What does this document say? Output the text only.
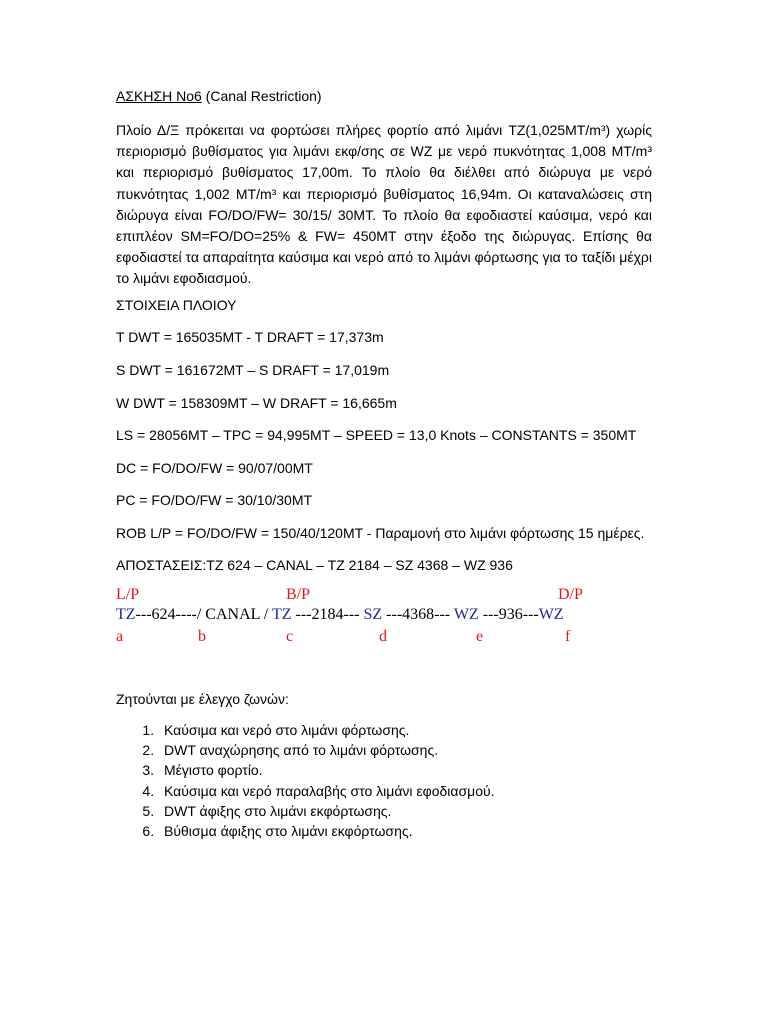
ΑΣΚΗΣΗ Νο6 (Canal Restriction)
Πλοίο Δ/Ξ πρόκειται να φορτώσει πλήρες φορτίο από λιμάνι TZ(1,025MT/m³) χωρίς περιορισμό βυθίσματος για λιμάνι εκφ/σης σε WZ με νερό πυκνότητας 1,008 MT/m³ και περιορισμό βυθίσματος 17,00m. Το πλοίο θα διέλθει από διώρυγα με νερό πυκνότητας 1,002 MT/m³ και περιορισμό βυθίσματος 16,94m. Οι καταναλώσεις στη διώρυγα είναι FO/DO/FW= 30/15/ 30MT. Το πλοίο θα εφοδιαστεί καύσιμα, νερό και επιπλέον SM=FO/DO=25% & FW= 450MT στην έξοδο της διώρυγας. Επίσης θα εφοδιαστεί τα απαραίτητα καύσιμα και νερό από το λιμάνι φόρτωσης για το ταξίδι μέχρι το λιμάνι εφοδιασμού.
ΣΤΟΙΧΕΙΑ ΠΛΟΙΟΥ
T DWT = 165035MT - T DRAFT = 17,373m
S DWT = 161672MT – S DRAFT = 17,019m
W DWT = 158309MT – W DRAFT = 16,665m
LS = 28056MT – TPC = 94,995MT – SPEED = 13,0 Knots – CONSTANTS = 350MT
DC = FO/DO/FW = 90/07/00MT
PC = FO/DO/FW = 30/10/30MT
ROB L/P = FO/DO/FW = 150/40/120MT - Παραμονή στο λιμάνι φόρτωσης 15 ημέρες.
ΑΠΟΣΤΑΣΕΙΣ:TZ 624 – CANAL – TZ 2184 – SZ 4368 – WZ 936
L/P	B/P	D/P
TZ---624----/ CANAL / TZ ---2184--- SZ ---4368--- WZ ---936---WZ
a	b	c	d	e	f
Ζητούνται με έλεγχο ζωνών:
1. Καύσιμα και νερό στο λιμάνι φόρτωσης.
2. DWT αναχώρησης από το λιμάνι φόρτωσης.
3. Μέγιστο φορτίο.
4. Καύσιμα και νερό παραλαβής στο λιμάνι εφοδιασμού.
5. DWT άφιξης στο λιμάνι εκφόρτωσης.
6. Βύθισμα άφιξης στο λιμάνι εκφόρτωσης.
